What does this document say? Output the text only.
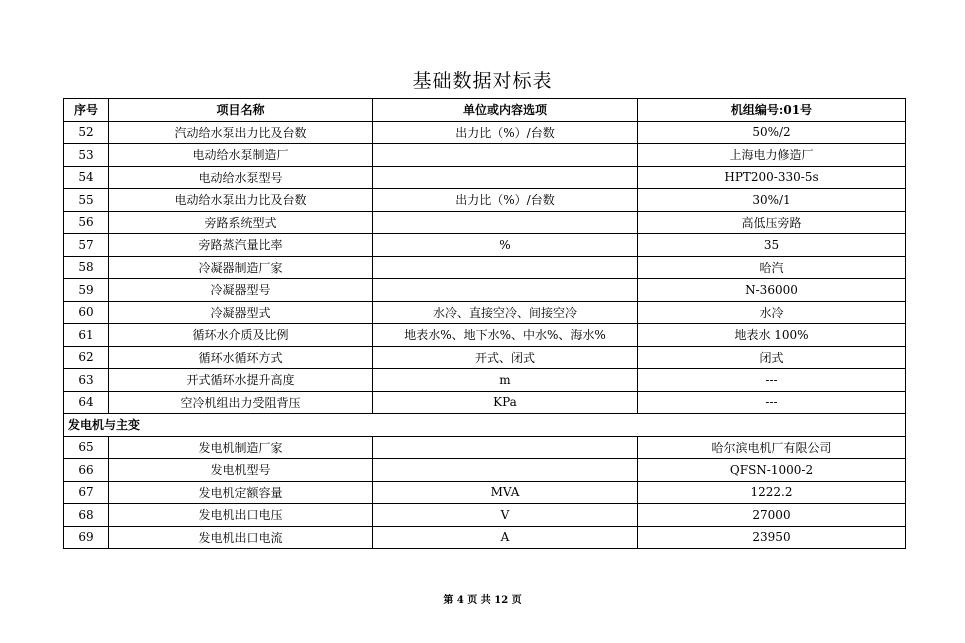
基础数据对标表
序号	项目名称	单位或内容选项	机组编号:01号
52	汽动给水泵出力比及台数	出力比（%）/台数	50%/2
53	电动给水泵制造厂		上海电力修造厂
54	电动给水泵型号		HPT200-330-5s
55	电动给水泵出力比及台数	出力比（%）/台数	30%/1
56	旁路系统型式		高低压旁路
57	旁路蒸汽量比率	%	35
58	冷凝器制造厂家		哈汽
59	冷凝器型号		N-36000
60	冷凝器型式	水冷、直接空冷、间接空冷	水冷
61	循环水介质及比例	地表水%、地下水%、中水%、海水%	地表水 100%
62	循环水循环方式	开式、闭式	闭式
63	开式循环水提升高度	m	---
64	空冷机组出力受阻背压	KPa	---
发电机与主变			
65	发电机制造厂家		哈尔滨电机厂有限公司
66	发电机型号		QFSN-1000-2
67	发电机定额容量	MVA	1222.2
68	发电机出口电压	V	27000
69	发电机出口电流	A	23950
第 4 页 共 12 页
